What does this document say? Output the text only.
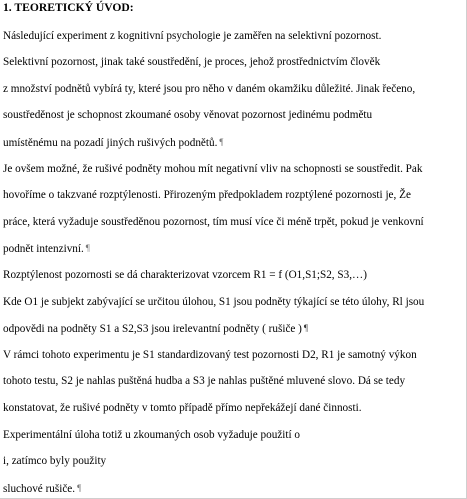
1. TEORETICKÝ ÚVOD:
Následující experiment z kognitivní psychologie je zaměřen na selektivní pozornost.
Selektivní pozornost, jinak také soustředění, je proces, jehož prostřednictvím člověk
z množství podnětů vybírá ty, které jsou pro něho v daném okamžiku důležité. Jinak řečeno,
soustředěnost je schopnost zkoumané osoby věnovat pozornost jedinému podmětu
umístěnému na pozadí jiných rušivých podnětů. ¶
Je ovšem možné, že rušivé podněty mohou mít negativní vliv na schopnosti se soustředit. Pak
hovoříme o takzvané rozptýlenosti. Přirozeným předpokladem rozptýlené pozornosti je, Že
práce, která vyžaduje soustředěnou pozornost, tím musí více či méně trpět, pokud je venkovní
podnět intenzivní. ¶
Rozptýlenost pozornosti se dá charakterizovat vzorcem R1 = f (O1,S1;S2, S3,…)
Kde O1 je subjekt zabývající se určitou úlohou, S1 jsou podněty týkající se této úlohy, Rl jsou
odpovědi na podněty S1 a S2,S3 jsou irelevantní podněty ( rušiče ) ¶
V rámci tohoto experimentu je S1 standardizovaný test pozornosti D2, R1 je samotný výkon
tohoto testu, S2 je nahlas puštěná hudba a S3 je nahlas puštěné mluvené slovo. Dá se tedy
konstatovat, že rušivé podněty v tomto případě přímo nepřekážejí dané činnosti.
Experimentální úloha totiž u zkoumaných osob vyžaduje použití o
i, zatímco byly použity
sluchové rušiče. ¶
